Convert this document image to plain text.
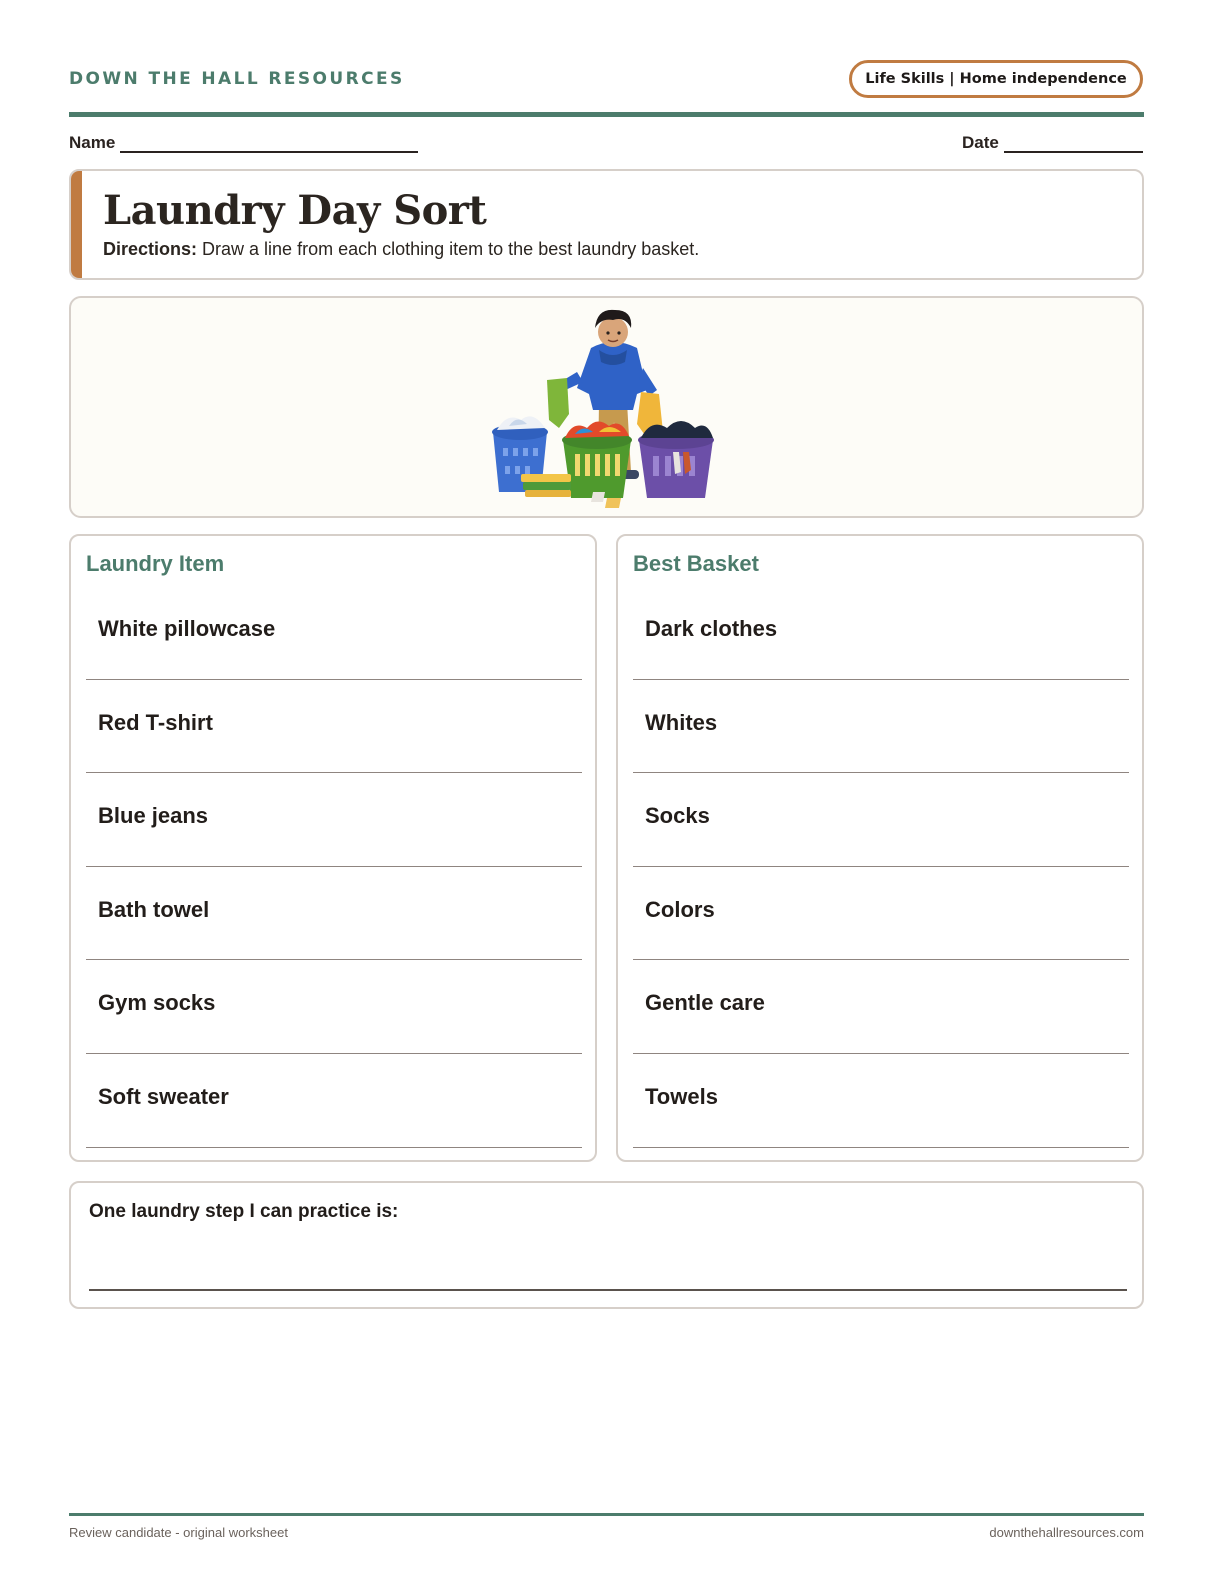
DOWN THE HALL RESOURCES	Life Skills | Home independence
Name	Date
Laundry Day Sort
Directions: Draw a line from each clothing item to the best laundry basket.
Laundry Item
White pillowcase
Red T-shirt
Blue jeans
Bath towel
Gym socks
Soft sweater
Best Basket
Dark clothes
Whites
Socks
Colors
Gentle care
Towels
One laundry step I can practice is:
Review candidate - original worksheet	downthehallresources.com
